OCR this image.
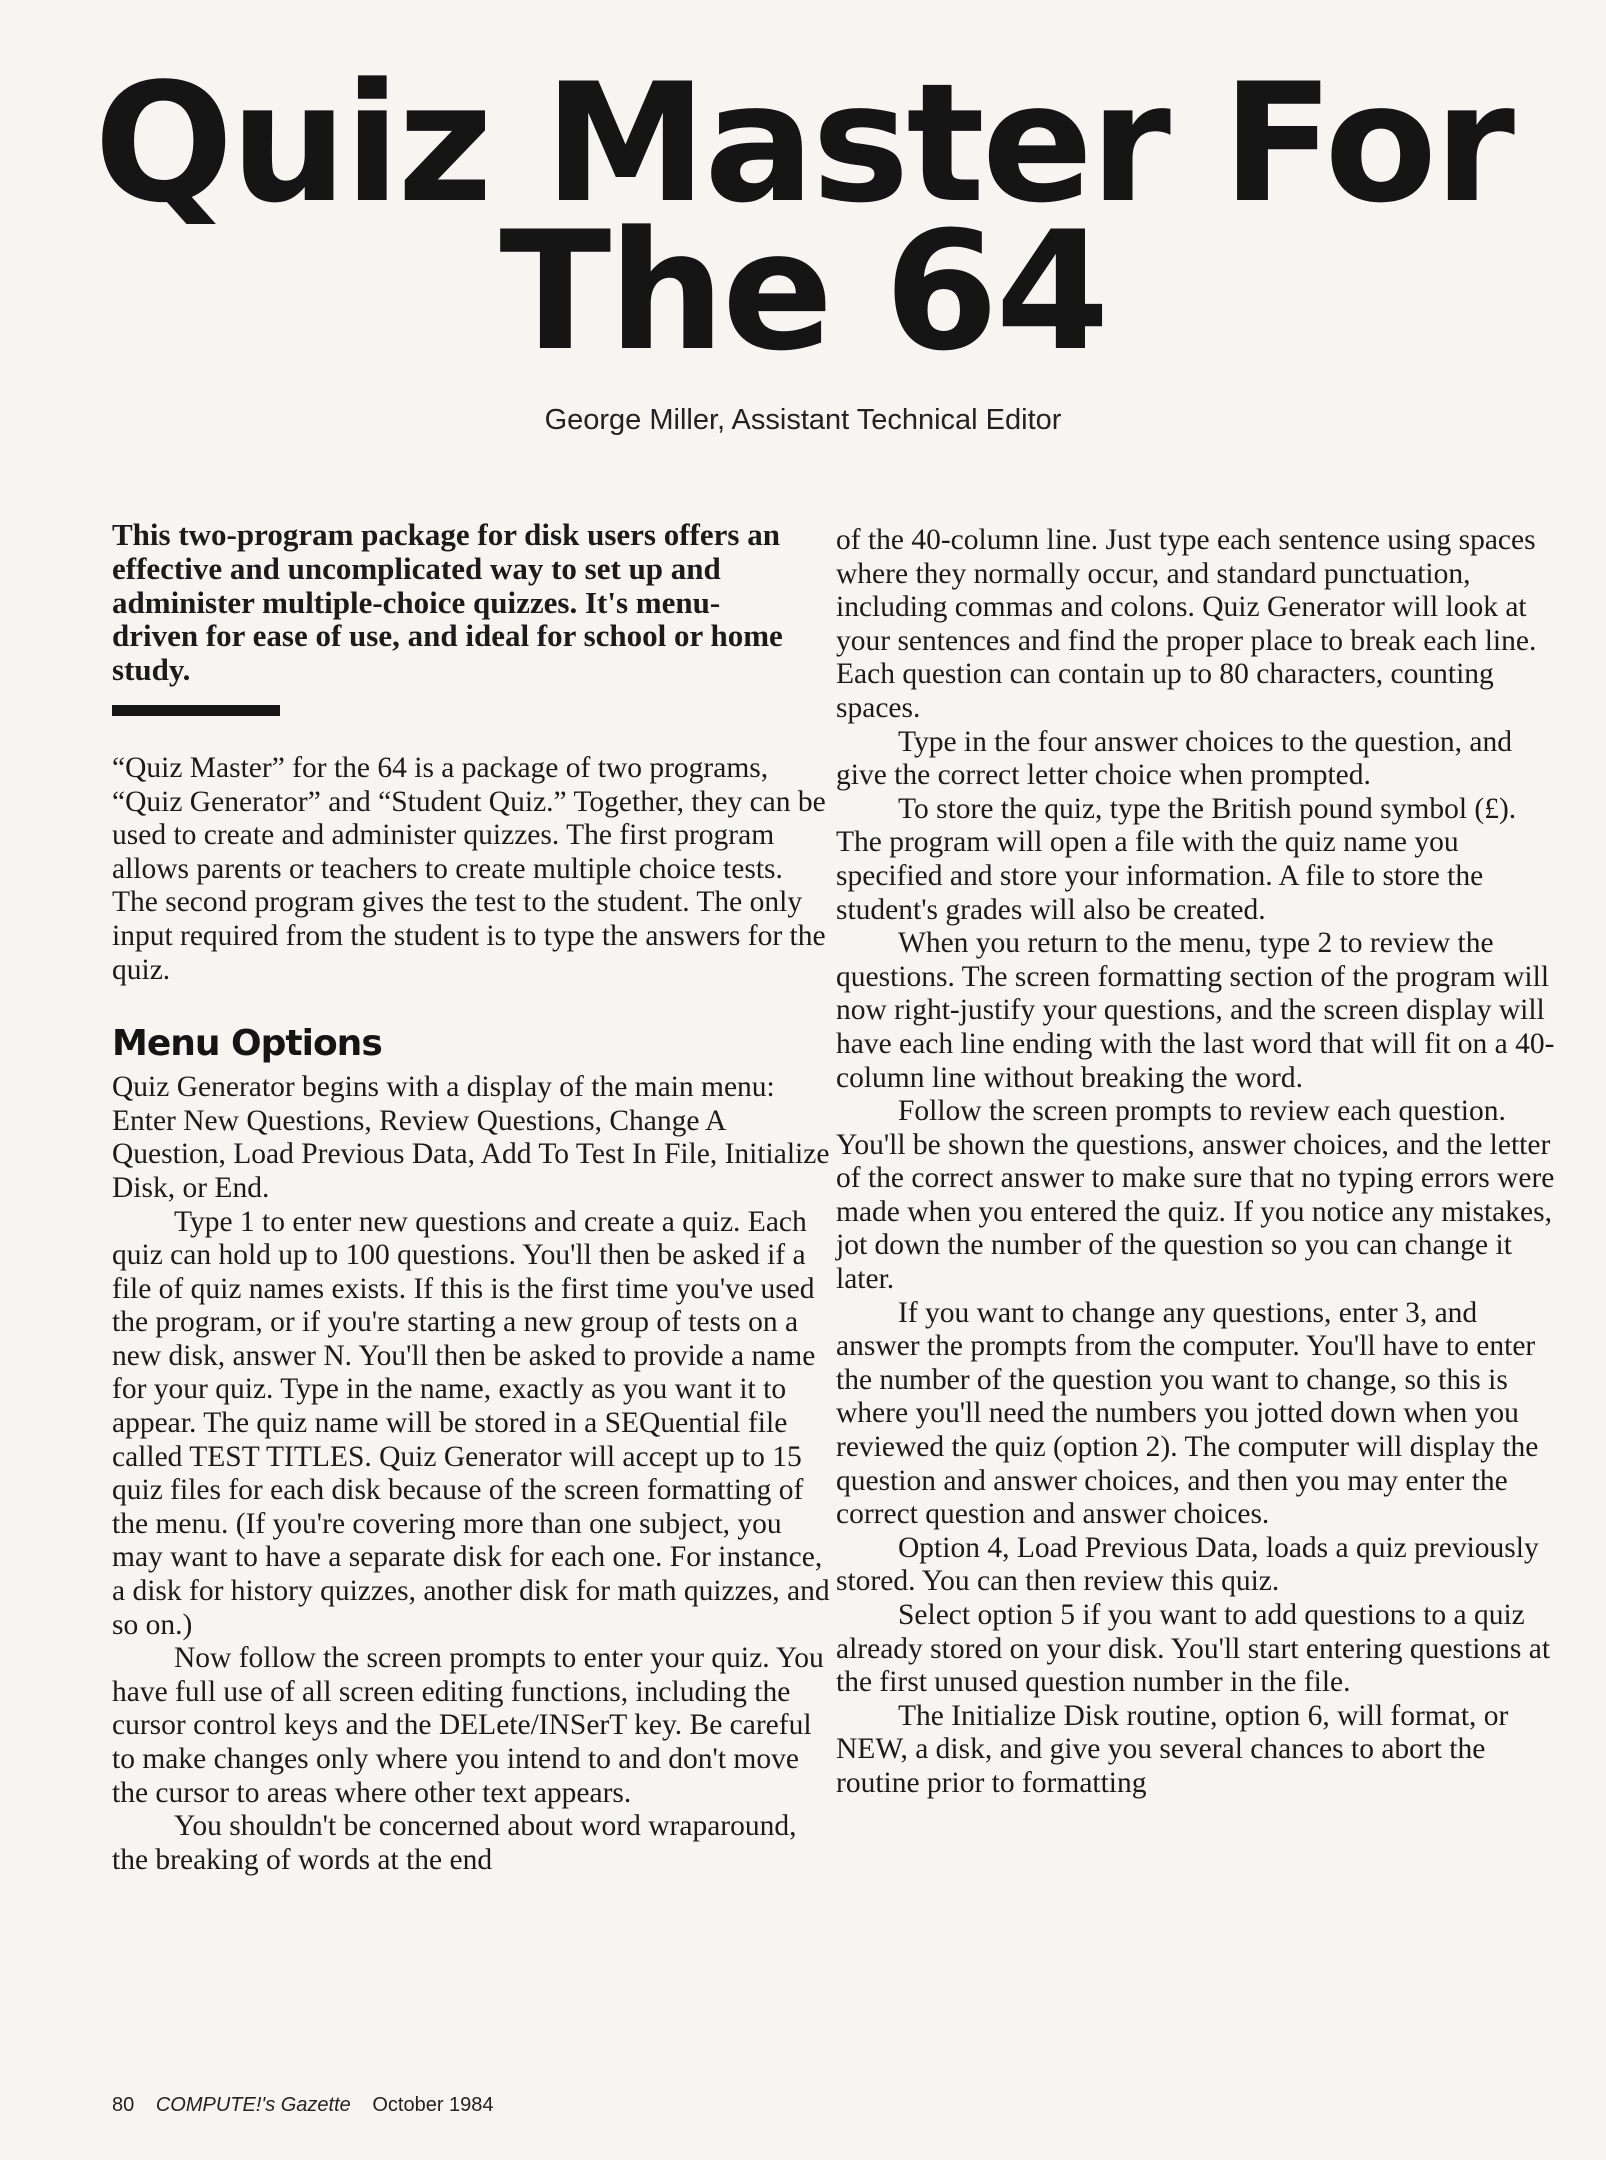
Quiz Master For
The 64
George Miller, Assistant Technical Editor

This two-program package for disk users offers an effective and uncomplicated way to set up and administer multiple-choice quizzes. It's menu-driven for ease of use, and ideal for school or home study.

“Quiz Master” for the 64 is a package of two programs, “Quiz Generator” and “Student Quiz.” Together, they can be used to create and administer quizzes. The first program allows parents or teachers to create multiple choice tests. The second program gives the test to the student. The only input required from the student is to type the answers for the quiz.

Menu Options

Quiz Generator begins with a display of the main menu: Enter New Questions, Review Questions, Change A Question, Load Previous Data, Add To Test In File, Initialize Disk, or End.

Type 1 to enter new questions and create a quiz. Each quiz can hold up to 100 questions. You'll then be asked if a file of quiz names exists. If this is the first time you've used the program, or if you're starting a new group of tests on a new disk, answer N. You'll then be asked to provide a name for your quiz. Type in the name, exactly as you want it to appear. The quiz name will be stored in a SEQuential file called TEST TITLES. Quiz Generator will accept up to 15 quiz files for each disk because of the screen formatting of the menu. (If you're covering more than one subject, you may want to have a separate disk for each one. For instance, a disk for history quizzes, another disk for math quizzes, and so on.)

Now follow the screen prompts to enter your quiz. You have full use of all screen editing functions, including the cursor control keys and the DELete/INSerT key. Be careful to make changes only where you intend to and don't move the cursor to areas where other text appears.

You shouldn't be concerned about word wraparound, the breaking of words at the end

of the 40-column line. Just type each sentence using spaces where they normally occur, and standard punctuation, including commas and colons. Quiz Generator will look at your sentences and find the proper place to break each line. Each question can contain up to 80 characters, counting spaces.

Type in the four answer choices to the question, and give the correct letter choice when prompted.

To store the quiz, type the British pound symbol (£). The program will open a file with the quiz name you specified and store your information. A file to store the student's grades will also be created.

When you return to the menu, type 2 to review the questions. The screen formatting section of the program will now right-justify your questions, and the screen display will have each line ending with the last word that will fit on a 40-column line without breaking the word.

Follow the screen prompts to review each question. You'll be shown the questions, answer choices, and the letter of the correct answer to make sure that no typing errors were made when you entered the quiz. If you notice any mistakes, jot down the number of the question so you can change it later.

If you want to change any questions, enter 3, and answer the prompts from the computer. You'll have to enter the number of the question you want to change, so this is where you'll need the numbers you jotted down when you reviewed the quiz (option 2). The computer will display the question and answer choices, and then you may enter the correct question and answer choices.

Option 4, Load Previous Data, loads a quiz previously stored. You can then review this quiz.

Select option 5 if you want to add questions to a quiz already stored on your disk. You'll start entering questions at the first unused question number in the file.

The Initialize Disk routine, option 6, will format, or NEW, a disk, and give you several chances to abort the routine prior to formatting

80 COMPUTE!'s Gazette October 1984
